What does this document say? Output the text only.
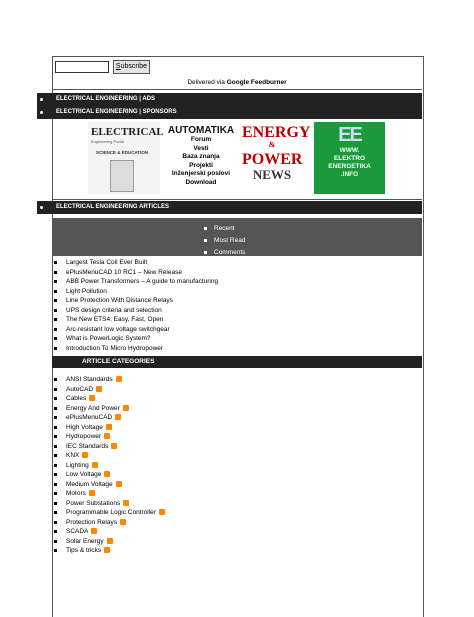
Subscribe
Delivered via Google Feedburner
ELECTRICAL ENGINEERING | ADS
ELECTRICAL ENGINEERING | SPONSORS
ELECTRICAL
Engineering Portal
SCIENCE & EDUCATION
AUTOMATIKA
Forum
Vesti
Baza znanja
Projekti
Inženjerski poslovi
Download
ENERGY
&
POWER
NEWS
EE
WWW.
ELEKTRO
ENERGETIKA
.INFO
ELECTRICAL ENGINEERING ARTICLES
Recent
Most Read
Comments
Largest Tesla Coil Ever Built
ePlusMenuCAD 10 RC1 – New Release
ABB Power Transformers – A guide to manufacturing
Light Pollution
Line Protection With Distance Relays
UPS design criteria and selection
The New ETS4: Easy, Fast, Open
Arc-resistant low voltage switchgear
What is PowerLogic System?
Introduction To Micro Hydropower
ARTICLE CATEGORIES
ANSI Standards
AutoCAD
Cables
Energy And Power
ePlusMenuCAD
High Voltage
Hydropower
IEC Standards
KNX
Lighting
Low Voltage
Medium Voltage
Motors
Power Substations
Programmable Logic Controller
Protection Relays
SCADA
Solar Energy
Tips & tricks
